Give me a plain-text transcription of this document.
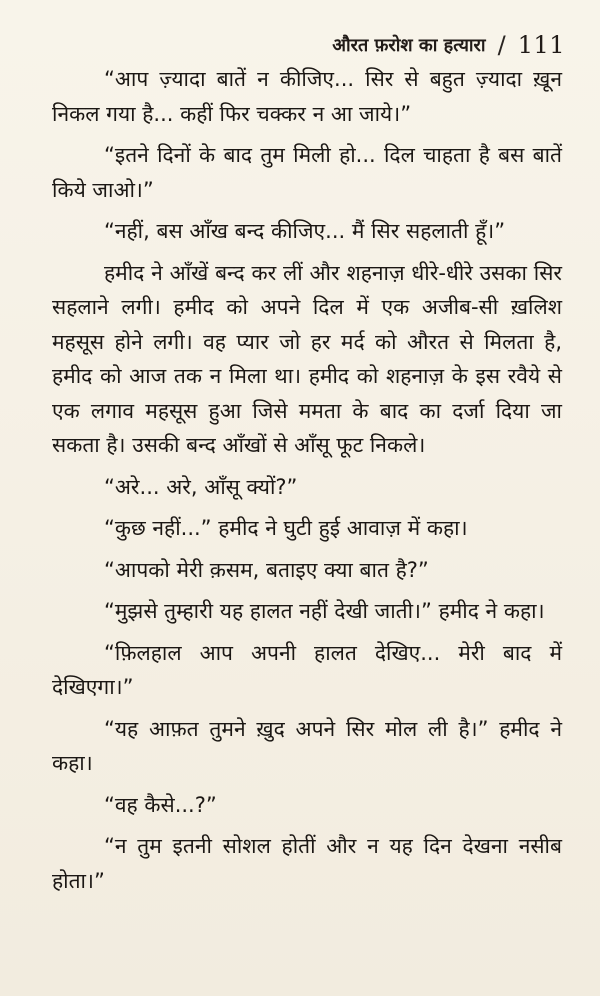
औरत फ़रोश का हत्यारा / 111

“आप ज़्यादा बातें न कीजिए... सिर से बहुत ज़्यादा ख़ून निकल गया है... कहीं फिर चक्कर न आ जाये।”

“इतने दिनों के बाद तुम मिली हो... दिल चाहता है बस बातें किये जाओ।”

“नहीं, बस आँख बन्द कीजिए... मैं सिर सहलाती हूँ।”

हमीद ने आँखें बन्द कर लीं और शहनाज़ धीरे-धीरे उसका सिर सहलाने लगी। हमीद को अपने दिल में एक अजीब-सी ख़लिश महसूस होने लगी। वह प्यार जो हर मर्द को औरत से मिलता है, हमीद को आज तक न मिला था। हमीद को शहनाज़ के इस रवैये से एक लगाव महसूस हुआ जिसे ममता के बाद का दर्जा दिया जा सकता है। उसकी बन्द आँखों से आँसू फूट निकले।

“अरे... अरे, आँसू क्यों?”

“कुछ नहीं...” हमीद ने घुटी हुई आवाज़ में कहा।

“आपको मेरी क़सम, बताइए क्या बात है?”

“मुझसे तुम्हारी यह हालत नहीं देखी जाती।” हमीद ने कहा।

“फ़िलहाल आप अपनी हालत देखिए... मेरी बाद में देखिएगा।”

“यह आफ़त तुमने ख़ुद अपने सिर मोल ली है।” हमीद ने कहा।

“वह कैसे...?”

“न तुम इतनी सोशल होतीं और न यह दिन देखना नसीब होता।”
